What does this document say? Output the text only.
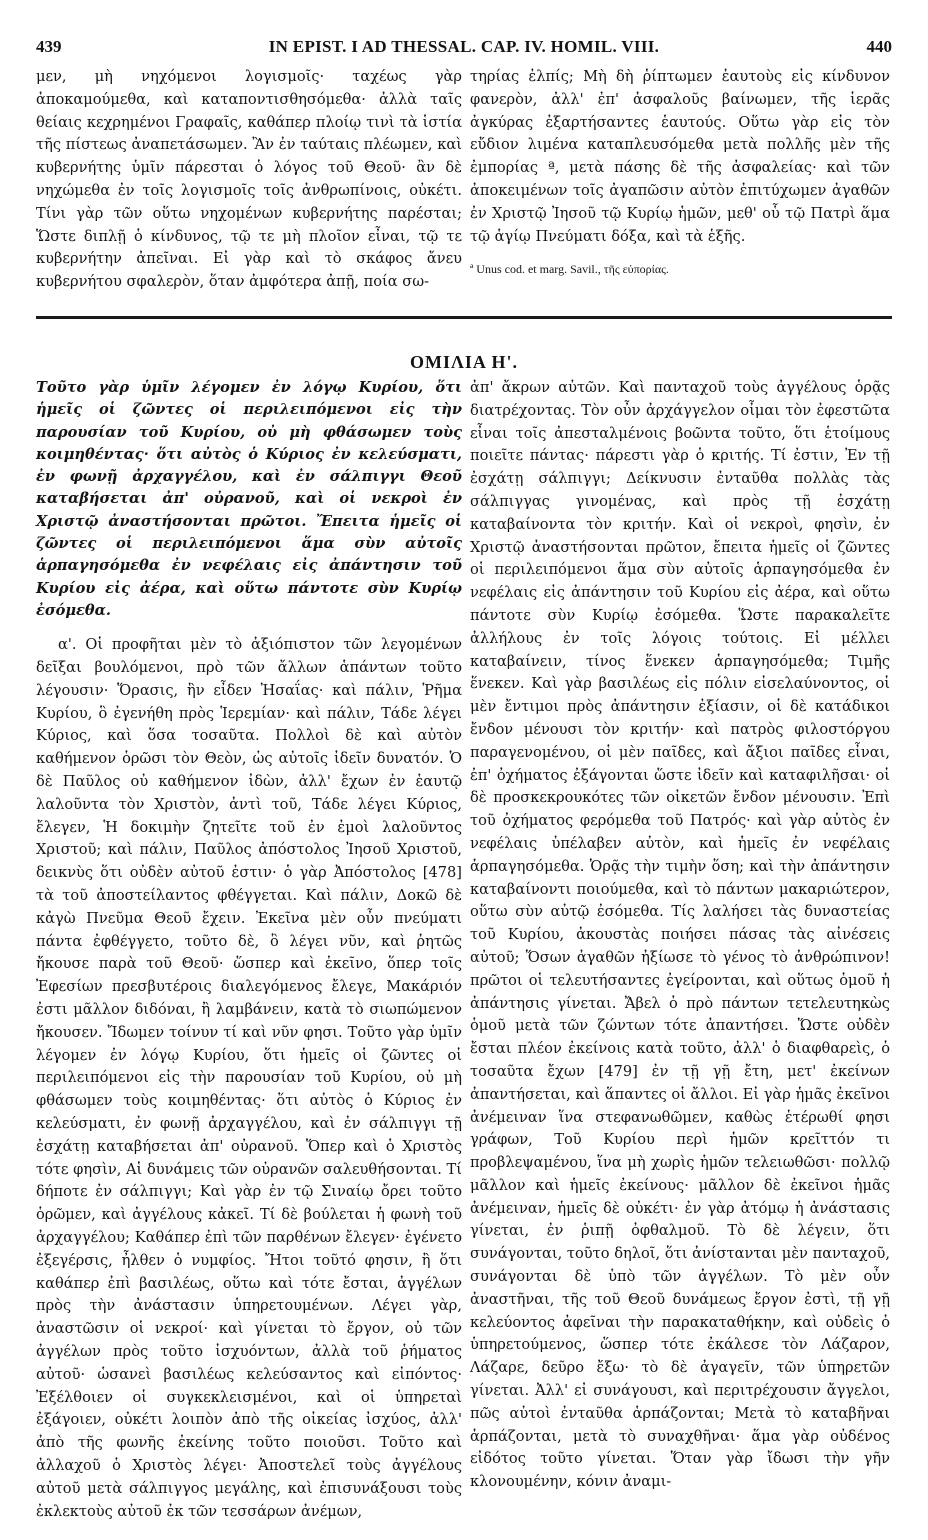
439	IN EPIST. I AD THESSAL. CAP. IV. HOMIL. VIII.	440

μεν, μὴ νηχόμενοι λογισμοῖς· ταχέως γὰρ ἀποκαμούμεθα, καὶ καταποντισθησόμεθα· ἀλλὰ ταῖς θείαις κεχρημένοι Γραφαῖς, καθάπερ πλοίῳ τινὶ τὰ ἱστία τῆς πίστεως ἀναπετάσωμεν. Ἂν ἐν ταύταις πλέωμεν, καὶ κυβερνήτης ὑμῖν πάρεσται ὁ λόγος τοῦ Θεοῦ· ἂν δὲ νηχώμεθα ἐν τοῖς λογισμοῖς τοῖς ἀνθρωπίνοις, οὐκέτι. Τίνι γὰρ τῶν οὕτω νηχομένων κυβερνήτης παρέσται; Ὥστε διπλῇ ὁ κίνδυνος, τῷ τε μὴ πλοῖον εἶναι, τῷ τε κυβερνήτην ἀπεῖναι. Εἰ γὰρ καὶ τὸ σκάφος ἄνευ κυβερνήτου σφαλερὸν, ὅταν ἀμφότερα ἀπῇ, ποία σω-

τηρίας ἐλπίς; Μὴ δὴ ῥίπτωμεν ἑαυτοὺς εἰς κίνδυνον φανερὸν, ἀλλ' ἐπ' ἀσφαλοῦς βαίνωμεν, τῆς ἱερᾶς ἀγκύρας ἐξαρτήσαντες ἑαυτούς. Οὕτω γὰρ εἰς τὸν εὔδιον λιμένα καταπλευσόμεθα μετὰ πολλῆς μὲν τῆς ἐμπορίας ª, μετὰ πάσης δὲ τῆς ἀσφαλείας· καὶ τῶν ἀποκειμένων τοῖς ἀγαπῶσιν αὐτὸν ἐπιτύχωμεν ἀγαθῶν ἐν Χριστῷ Ἰησοῦ τῷ Κυρίῳ ἡμῶν, μεθ' οὗ τῷ Πατρὶ ἅμα τῷ ἁγίῳ Πνεύματι δόξα, καὶ τὰ ἑξῆς.

ª Unus cod. et marg. Savil., τῆς εὐπορίας.
ΟΜΙΛΙΑ Η'.

Τοῦτο γὰρ ὑμῖν λέγομεν ἐν λόγῳ Κυρίου, ὅτι ἡμεῖς οἱ ζῶντες οἱ περιλειπόμενοι εἰς τὴν παρουσίαν τοῦ Κυρίου, οὐ μὴ φθάσωμεν τοὺς κοιμηθέντας· ὅτι αὐτὸς ὁ Κύριος ἐν κελεύσματι, ἐν φωνῇ ἀρχαγγέλου, καὶ ἐν σάλπιγγι Θεοῦ καταβήσεται ἀπ' οὐρανοῦ, καὶ οἱ νεκροὶ ἐν Χριστῷ ἀναστήσονται πρῶτοι. Ἔπειτα ἡμεῖς οἱ ζῶντες οἱ περιλειπόμενοι ἅμα σὺν αὐτοῖς ἁρπαγησόμεθα ἐν νεφέλαις εἰς ἀπάντησιν τοῦ Κυρίου εἰς ἀέρα, καὶ οὕτω πάντοτε σὺν Κυρίῳ ἐσόμεθα.

α'. Οἱ προφῆται μὲν τὸ ἀξιόπιστον τῶν λεγομένων δεῖξαι βουλόμενοι, πρὸ τῶν ἄλλων ἁπάντων τοῦτο λέγουσιν· Ὅρασις, ἣν εἶδεν Ἠσαΐας· καὶ πάλιν, Ῥῆμα Κυρίου, ὃ ἐγενήθη πρὸς Ἱερεμίαν· καὶ πάλιν, Τάδε λέγει Κύριος, καὶ ὅσα τοσαῦτα. Πολλοὶ δὲ καὶ αὐτὸν καθήμενον ὁρῶσι τὸν Θεὸν, ὡς αὐτοῖς ἰδεῖν δυνατόν. Ὁ δὲ Παῦλος οὐ καθήμενον ἰδὼν, ἀλλ' ἔχων ἐν ἑαυτῷ λαλοῦντα τὸν Χριστὸν, ἀντὶ τοῦ, Τάδε λέγει Κύριος, ἔλεγεν, Ἡ δοκιμὴν ζητεῖτε τοῦ ἐν ἐμοὶ λαλοῦντος Χριστοῦ; καὶ πάλιν, Παῦλος ἀπόστολος Ἰησοῦ Χριστοῦ, δεικνὺς ὅτι οὐδὲν αὐτοῦ ἐστιν· ὁ γὰρ Ἀπόστολος [478] τὰ τοῦ ἀποστείλαντος φθέγγεται. Καὶ πάλιν, Δοκῶ δὲ κἀγὼ Πνεῦμα Θεοῦ ἔχειν. Ἐκεῖνα μὲν οὖν πνεύματι πάντα ἐφθέγγετο, τοῦτο δὲ, ὃ λέγει νῦν, καὶ ῥητῶς ἤκουσε παρὰ τοῦ Θεοῦ· ὥσπερ καὶ ἐκεῖνο, ὅπερ τοῖς Ἐφεσίων πρεσβυτέροις διαλεγόμενος ἔλεγε, Μακάριόν ἐστι μᾶλλον διδόναι, ἢ λαμβάνειν, κατὰ τὸ σιωπώμενον ἤκουσεν. Ἴδωμεν τοίνυν τί καὶ νῦν φησι. Τοῦτο γὰρ ὑμῖν λέγομεν ἐν λόγῳ Κυρίου, ὅτι ἡμεῖς οἱ ζῶντες οἱ περιλειπόμενοι εἰς τὴν παρουσίαν τοῦ Κυρίου, οὐ μὴ φθάσωμεν τοὺς κοιμηθέντας· ὅτι αὐτὸς ὁ Κύριος ἐν κελεύσματι, ἐν φωνῇ ἀρχαγγέλου, καὶ ἐν σάλπιγγι τῇ ἐσχάτῃ καταβήσεται ἀπ' οὐρανοῦ. Ὅπερ καὶ ὁ Χριστὸς τότε φησὶν, Αἱ δυνάμεις τῶν οὐρανῶν σαλευθήσονται. Τί δήποτε ἐν σάλπιγγι; Καὶ γὰρ ἐν τῷ Σιναίῳ ὄρει τοῦτο ὁρῶμεν, καὶ ἀγγέλους κἀκεῖ. Τί δὲ βούλεται ἡ φωνὴ τοῦ ἀρχαγγέλου; Καθάπερ ἐπὶ τῶν παρθένων ἔλεγεν· ἐγένετο ἐξεγέρσις, ἦλθεν ὁ νυμφίος. Ἤτοι τοῦτό φησιν, ἢ ὅτι καθάπερ ἐπὶ βασιλέως, οὕτω καὶ τότε ἔσται, ἀγγέλων πρὸς τὴν ἀνάστασιν ὑπηρετουμένων. Λέγει γὰρ, ἀναστῶσιν οἱ νεκροί· καὶ γίνεται τὸ ἔργον, οὐ τῶν ἀγγέλων πρὸς τοῦτο ἰσχυόντων, ἀλλὰ τοῦ ῥήματος αὐτοῦ· ὡσανεὶ βασιλέως κελεύσαντος καὶ εἰπόντος· Ἐξέλθοιεν οἱ συγκεκλεισμένοι, καὶ οἱ ὑπηρεταὶ ἐξάγοιεν, οὐκέτι λοιπὸν ἀπὸ τῆς οἰκείας ἰσχύος, ἀλλ' ἀπὸ τῆς φωνῆς ἐκείνης τοῦτο ποιοῦσι. Τοῦτο καὶ ἀλλαχοῦ ὁ Χριστὸς λέγει· Ἀποστελεῖ τοὺς ἀγγέλους αὐτοῦ μετὰ σάλπιγγος μεγάλης, καὶ ἐπισυνάξουσι τοὺς ἐκλεκτοὺς αὐτοῦ ἐκ τῶν τεσσάρων ἀνέμων,

ἀπ' ἄκρων αὐτῶν. Καὶ πανταχοῦ τοὺς ἀγγέλους ὁρᾷς διατρέχοντας. Τὸν οὖν ἀρχάγγελον οἶμαι τὸν ἐφεστῶτα εἶναι τοῖς ἀπεσταλμένοις βοῶντα τοῦτο, ὅτι ἑτοίμους ποιεῖτε πάντας· πάρεστι γὰρ ὁ κριτής. Τί ἐστιν, Ἐν τῇ ἐσχάτῃ σάλπιγγι; Δείκνυσιν ἐνταῦθα πολλὰς τὰς σάλπιγγας γινομένας, καὶ πρὸς τῇ ἐσχάτῃ καταβαίνοντα τὸν κριτήν. Καὶ οἱ νεκροὶ, φησὶν, ἐν Χριστῷ ἀναστήσονται πρῶτον, ἔπειτα ἡμεῖς οἱ ζῶντες οἱ περιλειπόμενοι ἅμα σὺν αὐτοῖς ἁρπαγησόμεθα ἐν νεφέλαις εἰς ἀπάντησιν τοῦ Κυρίου εἰς ἀέρα, καὶ οὕτω πάντοτε σὺν Κυρίῳ ἐσόμεθα. Ὥστε παρακαλεῖτε ἀλλήλους ἐν τοῖς λόγοις τούτοις. Εἰ μέλλει καταβαίνειν, τίνος ἕνεκεν ἁρπαγησόμεθα; Τιμῆς ἕνεκεν. Καὶ γὰρ βασιλέως εἰς πόλιν εἰσελαύνοντος, οἱ μὲν ἔντιμοι πρὸς ἀπάντησιν ἐξίασιν, οἱ δὲ κατάδικοι ἔνδον μένουσι τὸν κριτήν· καὶ πατρὸς φιλοστόργου παραγενομένου, οἱ μὲν παῖδες, καὶ ἄξιοι παῖδες εἶναι, ἐπ' ὀχήματος ἐξάγονται ὥστε ἰδεῖν καὶ καταφιλῆσαι· οἱ δὲ προσκεκρουκότες τῶν οἰκετῶν ἔνδον μένουσιν. Ἐπὶ τοῦ ὀχήματος φερόμεθα τοῦ Πατρός· καὶ γὰρ αὐτὸς ἐν νεφέλαις ὑπέλαβεν αὐτὸν, καὶ ἡμεῖς ἐν νεφέλαις ἁρπαγησόμεθα. Ὁρᾷς τὴν τιμὴν ὅση; καὶ τὴν ἀπάντησιν καταβαίνοντι ποιούμεθα, καὶ τὸ πάντων μακαριώτερον, οὕτω σὺν αὐτῷ ἐσόμεθα. Τίς λαλήσει τὰς δυναστείας τοῦ Κυρίου, ἀκουστὰς ποιήσει πάσας τὰς αἰνέσεις αὐτοῦ; Ὅσων ἀγαθῶν ἠξίωσε τὸ γένος τὸ ἀνθρώπινον! πρῶτοι οἱ τελευτήσαντες ἐγείρονται, καὶ οὕτως ὁμοῦ ἡ ἀπάντησις γίνεται. Ἄβελ ὁ πρὸ πάντων τετελευτηκὼς ὁμοῦ μετὰ τῶν ζώντων τότε ἀπαντήσει. Ὥστε οὐδὲν ἔσται πλέον ἐκείνοις κατὰ τοῦτο, ἀλλ' ὁ διαφθαρεὶς, ὁ τοσαῦτα ἔχων [479] ἐν τῇ γῇ ἔτη, μετ' ἐκείνων ἀπαντήσεται, καὶ ἅπαντες οἱ ἄλλοι. Εἰ γὰρ ἡμᾶς ἐκεῖνοι ἀνέμειναν ἵνα στεφανωθῶμεν, καθὼς ἑτέρωθί φησι γράφων, Τοῦ Κυρίου περὶ ἡμῶν κρεῖττόν τι προβλεψαμένου, ἵνα μὴ χωρὶς ἡμῶν τελειωθῶσι· πολλῷ μᾶλλον καὶ ἡμεῖς ἐκείνους· μᾶλλον δὲ ἐκεῖνοι ἡμᾶς ἀνέμειναν, ἡμεῖς δὲ οὐκέτι· ἐν γὰρ ἀτόμῳ ἡ ἀνάστασις γίνεται, ἐν ῥιπῇ ὀφθαλμοῦ. Τὸ δὲ λέγειν, ὅτι συνάγονται, τοῦτο δηλοῖ, ὅτι ἀνίστανται μὲν πανταχοῦ, συνάγονται δὲ ὑπὸ τῶν ἀγγέλων. Τὸ μὲν οὖν ἀναστῆναι, τῆς τοῦ Θεοῦ δυνάμεως ἔργον ἐστὶ, τῇ γῇ κελεύοντος ἀφεῖναι τὴν παρακαταθήκην, καὶ οὐδεὶς ὁ ὑπηρετούμενος, ὥσπερ τότε ἐκάλεσε τὸν Λάζαρον, Λάζαρε, δεῦρο ἔξω· τὸ δὲ ἀγαγεῖν, τῶν ὑπηρετῶν γίνεται. Ἀλλ' εἰ συνάγουσι, καὶ περιτρέχουσιν ἄγγελοι, πῶς αὐτοὶ ἐνταῦθα ἁρπάζονται; Μετὰ τὸ καταβῆναι ἁρπάζονται, μετὰ τὸ συναχθῆναι· ἅμα γὰρ οὐδένος εἰδότος τοῦτο γίνεται. Ὅταν γὰρ ἴδωσι τὴν γῆν κλονουμένην, κόνιν ἀναμι-
